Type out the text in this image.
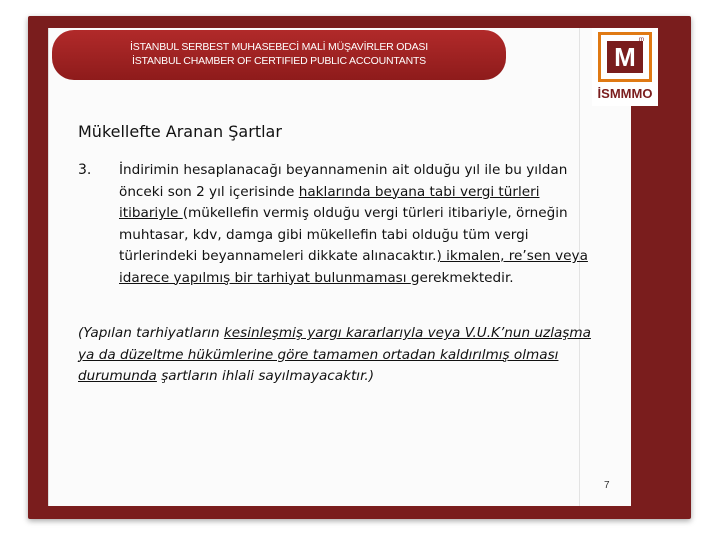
İSTANBUL SERBEST MUHASEBECİ MALİ MÜŞAVİRLER ODASI
İSTANBUL CHAMBER OF CERTIFIED PUBLIC ACCOUNTANTS	M
m
İSMMMO
Mükellefte Aranan Şartlar
3. İndirimin hesaplanacağı beyannamenin ait olduğu yıl ile bu yıldan önceki son 2 yıl içerisinde haklarında beyana tabi vergi türleri itibariyle (mükellefin vermiş olduğu vergi türleri itibariyle, örneğin muhtasar, kdv, damga gibi mükellefin tabi olduğu tüm vergi türlerindeki beyannameleri dikkate alınacaktır.) ikmalen, re’sen veya idarece yapılmış bir tarhiyat bulunmaması gerekmektedir.
(Yapılan tarhiyatların kesinleşmiş yargı kararlarıyla veya V.U.K’nun uzlaşma ya da düzeltme hükümlerine göre tamamen ortadan kaldırılmış olması durumunda şartların ihlali sayılmayacaktır.)
7
